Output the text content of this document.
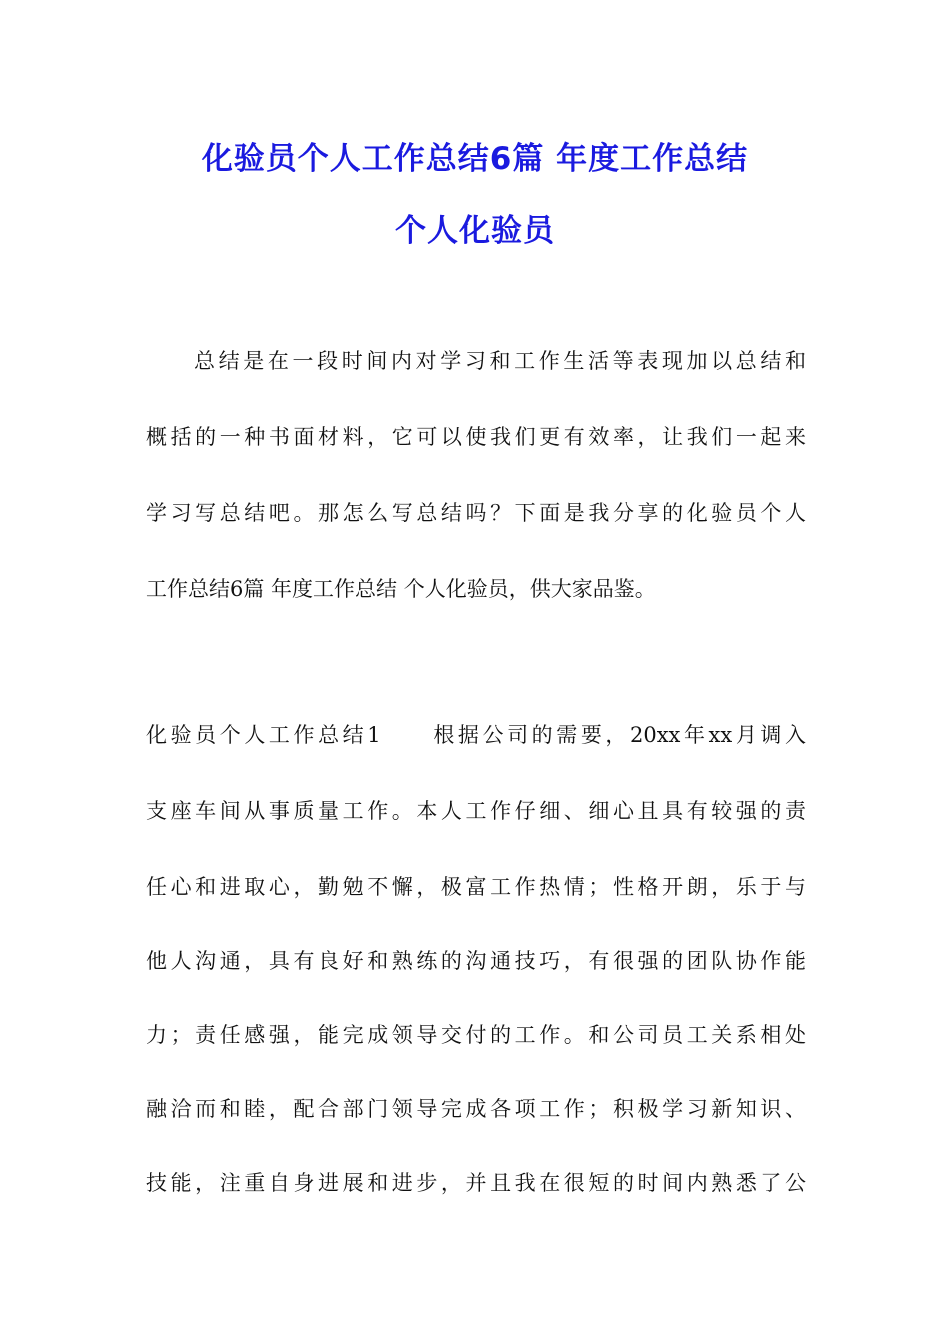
化验员个人工作总结6篇 年度工作总结
个人化验员
总结是在一段时间内对学习和工作生活等表现加以总结和
概括的一种书面材料，它可以使我们更有效率，让我们一起来
学习写总结吧。那怎么写总结吗？下面是我分享的化验员个人
工作总结6篇 年度工作总结 个人化验员，供大家品鉴。
化验员个人工作总结1　　根据公司的需要，20xx年xx月调入
支座车间从事质量工作。本人工作仔细、细心且具有较强的责
任心和进取心，勤勉不懈，极富工作热情；性格开朗，乐于与
他人沟通，具有良好和熟练的沟通技巧，有很强的团队协作能
力；责任感强，能完成领导交付的工作。和公司员工关系相处
融洽而和睦，配合部门领导完成各项工作；积极学习新知识、
技能，注重自身进展和进步，并且我在很短的时间内熟悉了公
